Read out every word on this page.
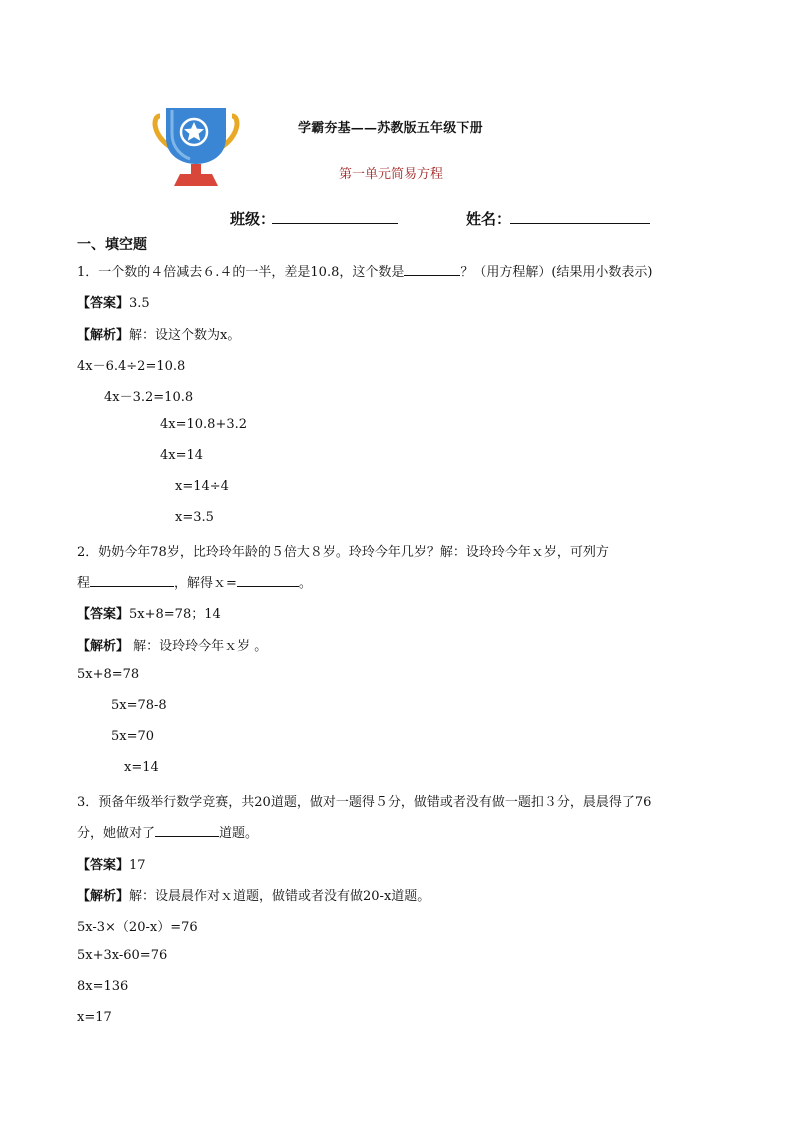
学霸夯基——苏教版五年级下册
第一单元简易方程
班级：	姓名：
一、填空题
1．一个数的４倍减去６.４的一半，差是10.8，这个数是	？（用方程解）(结果用小数表示)
【答案】3.5
【解析】解：设这个数为x。
4x－6.4÷2=10.8
4x－3.2=10.8
4x=10.8+3.2
4x=14
x=14÷4
x=3.5
2．奶奶今年78岁，比玲玲年龄的５倍大８岁。玲玲今年几岁？解：设玲玲今年ｘ岁，可列方
程	，解得ｘ=	。
【答案】5x+8=78；14
【解析】 解：设玲玲今年ｘ岁 。
5x+8=78
5x=78-8
5x=70
x=14
3．预备年级举行数学竞赛，共20道题，做对一题得５分，做错或者没有做一题扣３分，晨晨得了76
分，她做对了	道题。
【答案】17
【解析】解：设晨晨作对ｘ道题，做错或者没有做20-x道题。
5x-3×（20-x）=76
5x+3x-60=76
8x=136
x=17
